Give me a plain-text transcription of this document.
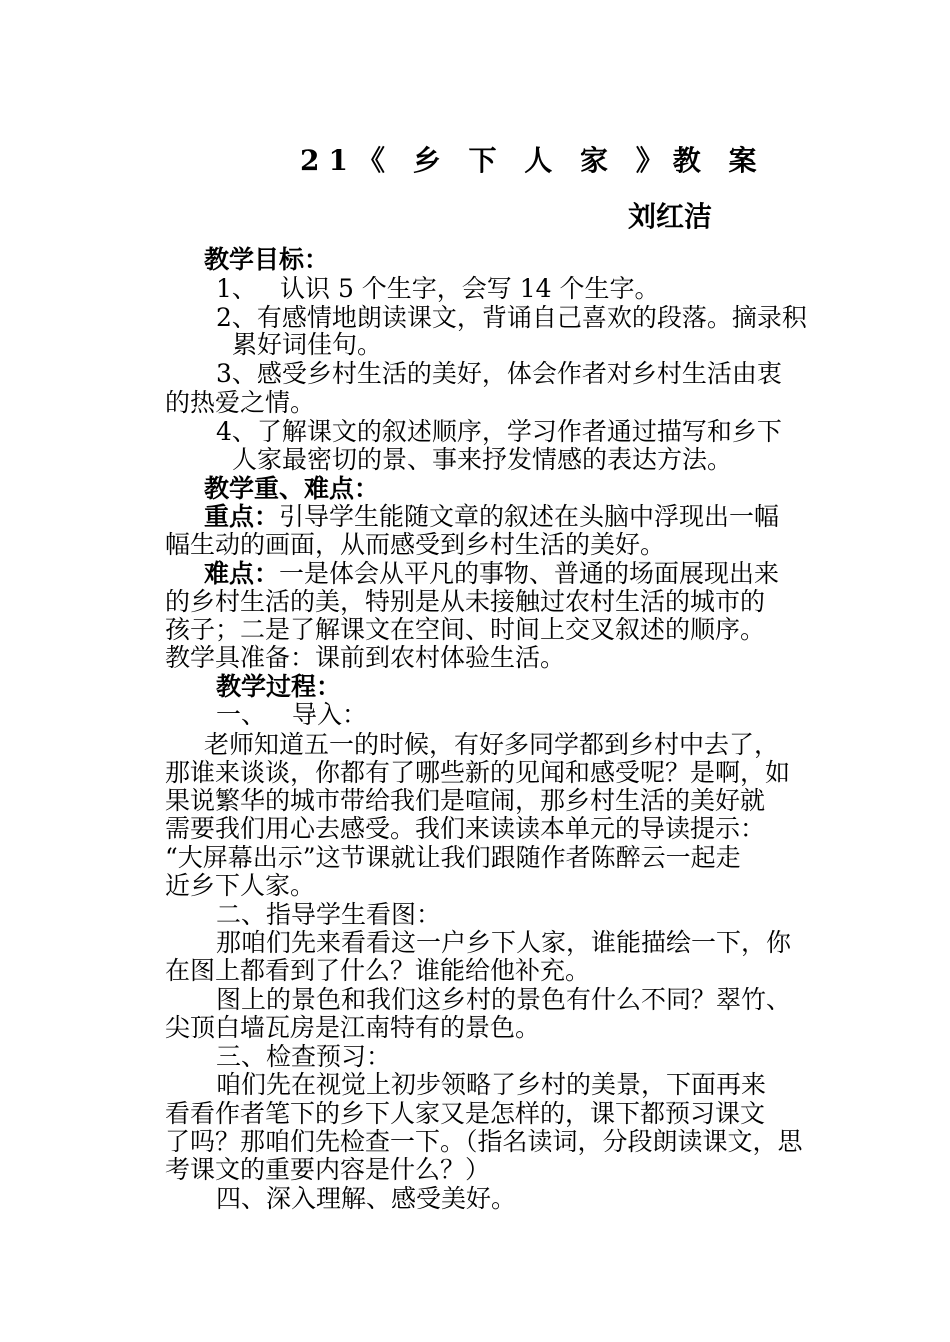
21《 乡 下 人 家 》教 案
刘红洁
教学目标：
1、 认识 5 个生字，会写 14 个生字。
2、有感情地朗读课文，背诵自己喜欢的段落。摘录积
累好词佳句。
3、感受乡村生活的美好，体会作者对乡村生活由衷
的热爱之情。
4、了解课文的叙述顺序，学习作者通过描写和乡下
人家最密切的景、事来抒发情感的表达方法。
教学重、难点：
重点：引导学生能随文章的叙述在头脑中浮现出一幅
幅生动的画面，从而感受到乡村生活的美好。
难点：一是体会从平凡的事物、普通的场面展现出来
的乡村生活的美，特别是从未接触过农村生活的城市的
孩子；二是了解课文在空间、时间上交叉叙述的顺序。
教学具准备：课前到农村体验生活。
教学过程：
一、 导入：
老师知道五一的时候，有好多同学都到乡村中去了，
那谁来谈谈，你都有了哪些新的见闻和感受呢？是啊，如
果说繁华的城市带给我们是喧闹，那乡村生活的美好就
需要我们用心去感受。我们来读读本单元的导读提示：
“大屏幕出示”这节课就让我们跟随作者陈醉云一起走
近乡下人家。
二、指导学生看图：
那咱们先来看看这一户乡下人家，谁能描绘一下，你
在图上都看到了什么？谁能给他补充。
图上的景色和我们这乡村的景色有什么不同？翠竹、
尖顶白墙瓦房是江南特有的景色。
三、检查预习：
咱们先在视觉上初步领略了乡村的美景，下面再来
看看作者笔下的乡下人家又是怎样的，课下都预习课文
了吗？那咱们先检查一下。（指名读词，分段朗读课文，思
考课文的重要内容是什么？）
四、深入理解、感受美好。
